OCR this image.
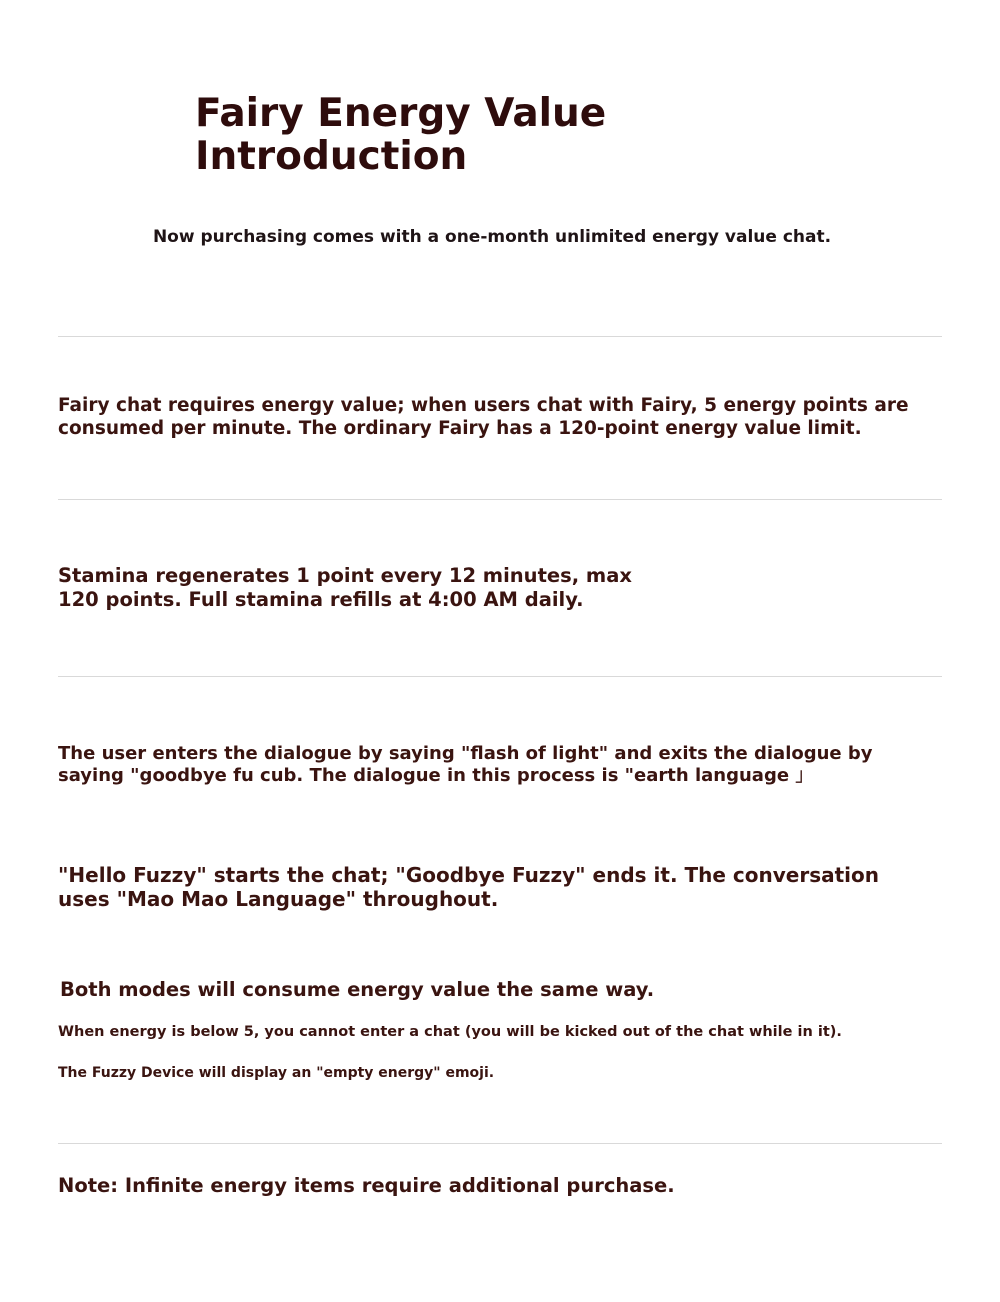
Fairy Energy Value
Introduction
Now purchasing comes with a one-month unlimited energy value chat.
Fairy chat requires energy value; when users chat with Fairy, 5 energy points are
consumed per minute. The ordinary Fairy has a 120-point energy value limit.
Stamina regenerates 1 point every 12 minutes, max
120 points. Full stamina refills at 4:00 AM daily.
The user enters the dialogue by saying "flash of light" and exits the dialogue by
saying "goodbye fu cub. The dialogue in this process is "earth language 」
"Hello Fuzzy" starts the chat; "Goodbye Fuzzy" ends it. The conversation
uses "Mao Mao Language" throughout.
Both modes will consume energy value the same way.
When energy is below 5, you cannot enter a chat (you will be kicked out of the chat while in it).
The Fuzzy Device will display an "empty energy" emoji.
Note: Infinite energy items require additional purchase.
